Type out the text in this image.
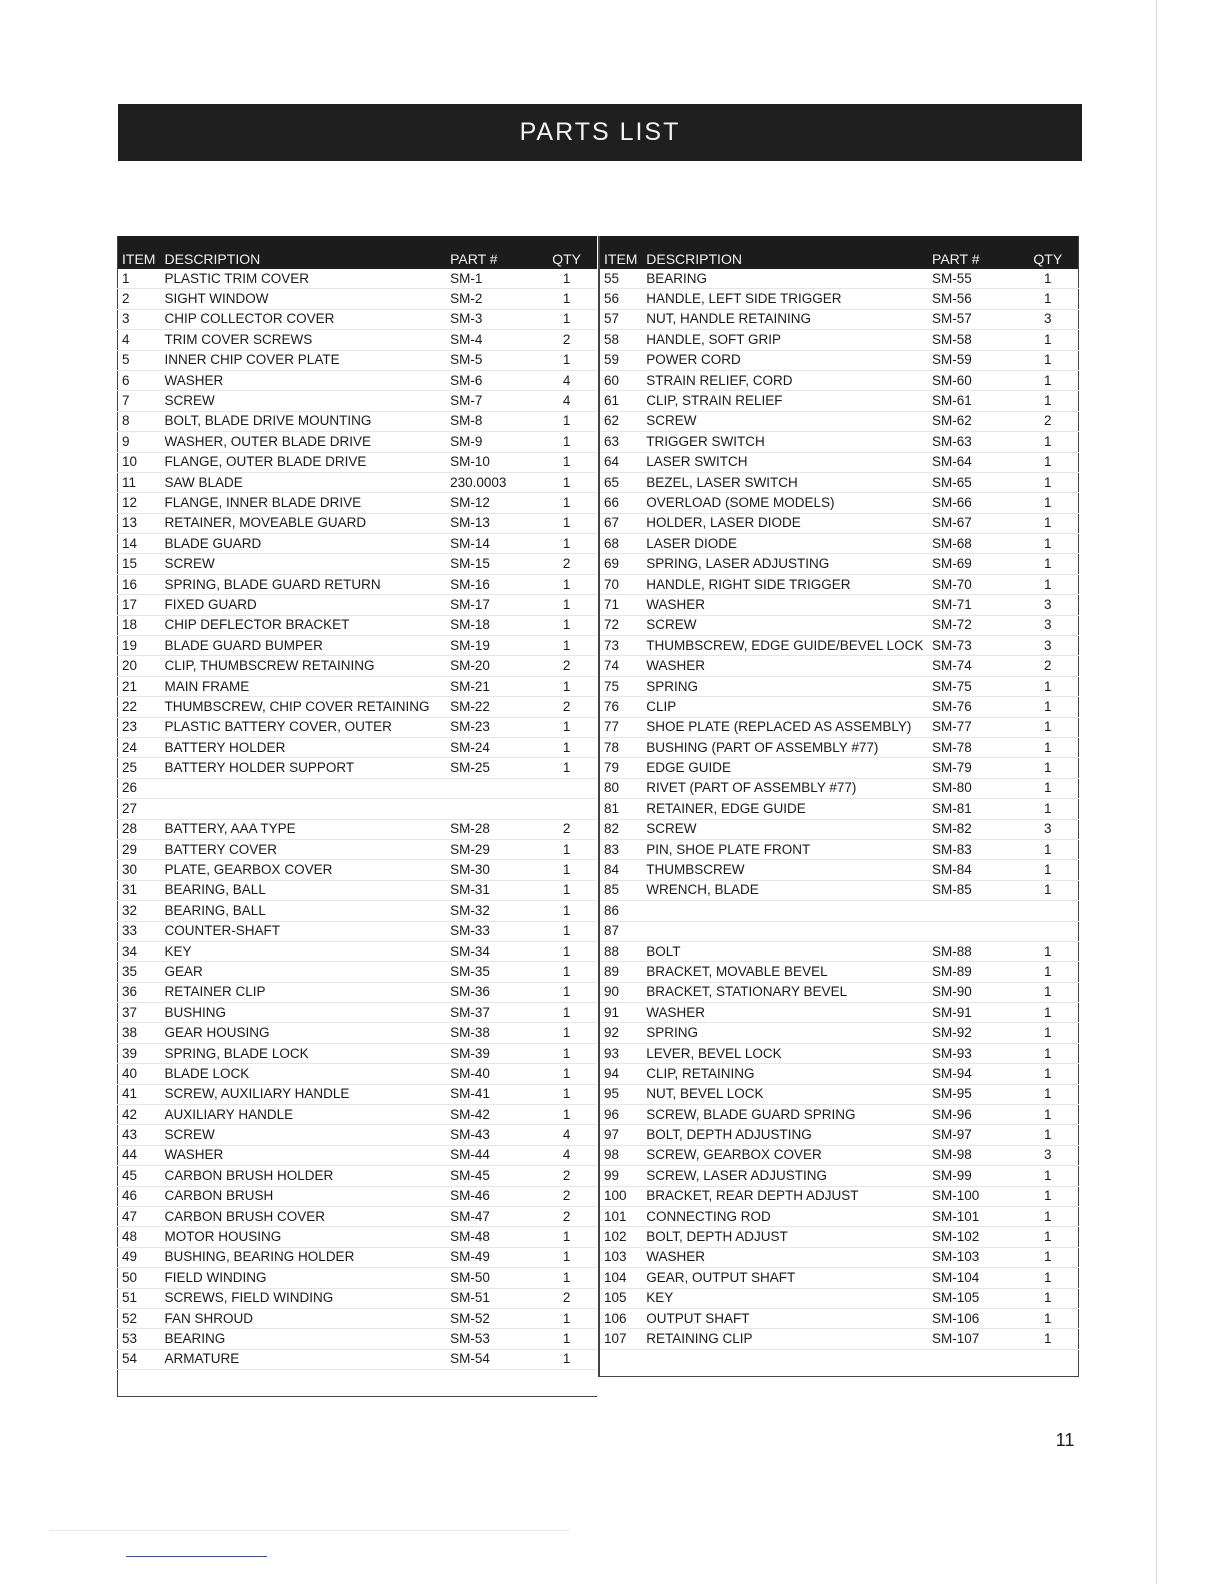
PARTS LIST
ITEM	DESCRIPTION	PART #	QTY
1	PLASTIC TRIM COVER	SM-1	1
2	SIGHT WINDOW	SM-2	1
3	CHIP COLLECTOR COVER	SM-3	1
4	TRIM COVER SCREWS	SM-4	2
5	INNER CHIP COVER PLATE	SM-5	1
6	WASHER	SM-6	4
7	SCREW	SM-7	4
8	BOLT, BLADE DRIVE MOUNTING	SM-8	1
9	WASHER, OUTER BLADE DRIVE	SM-9	1
10	FLANGE, OUTER BLADE DRIVE	SM-10	1
11	SAW BLADE	230.0003	1
12	FLANGE, INNER BLADE DRIVE	SM-12	1
13	RETAINER, MOVEABLE GUARD	SM-13	1
14	BLADE GUARD	SM-14	1
15	SCREW	SM-15	2
16	SPRING, BLADE GUARD RETURN	SM-16	1
17	FIXED GUARD	SM-17	1
18	CHIP DEFLECTOR BRACKET	SM-18	1
19	BLADE GUARD BUMPER	SM-19	1
20	CLIP, THUMBSCREW RETAINING	SM-20	2
21	MAIN FRAME	SM-21	1
22	THUMBSCREW, CHIP COVER RETAINING	SM-22	2
23	PLASTIC BATTERY COVER, OUTER	SM-23	1
24	BATTERY HOLDER	SM-24	1
25	BATTERY HOLDER SUPPORT	SM-25	1
26			
27			
28	BATTERY, AAA TYPE	SM-28	2
29	BATTERY COVER	SM-29	1
30	PLATE, GEARBOX COVER	SM-30	1
31	BEARING, BALL	SM-31	1
32	BEARING, BALL	SM-32	1
33	COUNTER-SHAFT	SM-33	1
34	KEY	SM-34	1
35	GEAR	SM-35	1
36	RETAINER CLIP	SM-36	1
37	BUSHING	SM-37	1
38	GEAR HOUSING	SM-38	1
39	SPRING, BLADE LOCK	SM-39	1
40	BLADE LOCK	SM-40	1
41	SCREW, AUXILIARY HANDLE	SM-41	1
42	AUXILIARY HANDLE	SM-42	1
43	SCREW	SM-43	4
44	WASHER	SM-44	4
45	CARBON BRUSH HOLDER	SM-45	2
46	CARBON BRUSH	SM-46	2
47	CARBON BRUSH COVER	SM-47	2
48	MOTOR HOUSING	SM-48	1
49	BUSHING, BEARING HOLDER	SM-49	1
50	FIELD WINDING	SM-50	1
51	SCREWS, FIELD WINDING	SM-51	2
52	FAN SHROUD	SM-52	1
53	BEARING	SM-53	1
54	ARMATURE	SM-54	1

ITEM	DESCRIPTION	PART #	QTY
55	BEARING	SM-55	1
56	HANDLE, LEFT SIDE TRIGGER	SM-56	1
57	NUT, HANDLE RETAINING	SM-57	3
58	HANDLE, SOFT GRIP	SM-58	1
59	POWER CORD	SM-59	1
60	STRAIN RELIEF, CORD	SM-60	1
61	CLIP, STRAIN RELIEF	SM-61	1
62	SCREW	SM-62	2
63	TRIGGER SWITCH	SM-63	1
64	LASER SWITCH	SM-64	1
65	BEZEL, LASER SWITCH	SM-65	1
66	OVERLOAD (SOME MODELS)	SM-66	1
67	HOLDER, LASER DIODE	SM-67	1
68	LASER DIODE	SM-68	1
69	SPRING, LASER ADJUSTING	SM-69	1
70	HANDLE, RIGHT SIDE TRIGGER	SM-70	1
71	WASHER	SM-71	3
72	SCREW	SM-72	3
73	THUMBSCREW, EDGE GUIDE/BEVEL LOCK	SM-73	3
74	WASHER	SM-74	2
75	SPRING	SM-75	1
76	CLIP	SM-76	1
77	SHOE PLATE (REPLACED AS ASSEMBLY)	SM-77	1
78	BUSHING (PART OF ASSEMBLY #77)	SM-78	1
79	EDGE GUIDE	SM-79	1
80	RIVET (PART OF ASSEMBLY #77)	SM-80	1
81	RETAINER, EDGE GUIDE	SM-81	1
82	SCREW	SM-82	3
83	PIN, SHOE PLATE FRONT	SM-83	1
84	THUMBSCREW	SM-84	1
85	WRENCH, BLADE	SM-85	1
86			
87			
88	BOLT	SM-88	1
89	BRACKET, MOVABLE BEVEL	SM-89	1
90	BRACKET, STATIONARY BEVEL	SM-90	1
91	WASHER	SM-91	1
92	SPRING	SM-92	1
93	LEVER, BEVEL LOCK	SM-93	1
94	CLIP, RETAINING	SM-94	1
95	NUT, BEVEL LOCK	SM-95	1
96	SCREW, BLADE GUARD SPRING	SM-96	1
97	BOLT, DEPTH ADJUSTING	SM-97	1
98	SCREW, GEARBOX COVER	SM-98	3
99	SCREW, LASER ADJUSTING	SM-99	1
100	BRACKET, REAR DEPTH ADJUST	SM-100	1
101	CONNECTING ROD	SM-101	1
102	BOLT, DEPTH ADJUST	SM-102	1
103	WASHER	SM-103	1
104	GEAR, OUTPUT SHAFT	SM-104	1
105	KEY	SM-105	1
106	OUTPUT SHAFT	SM-106	1
107	RETAINING CLIP	SM-107	1

11
